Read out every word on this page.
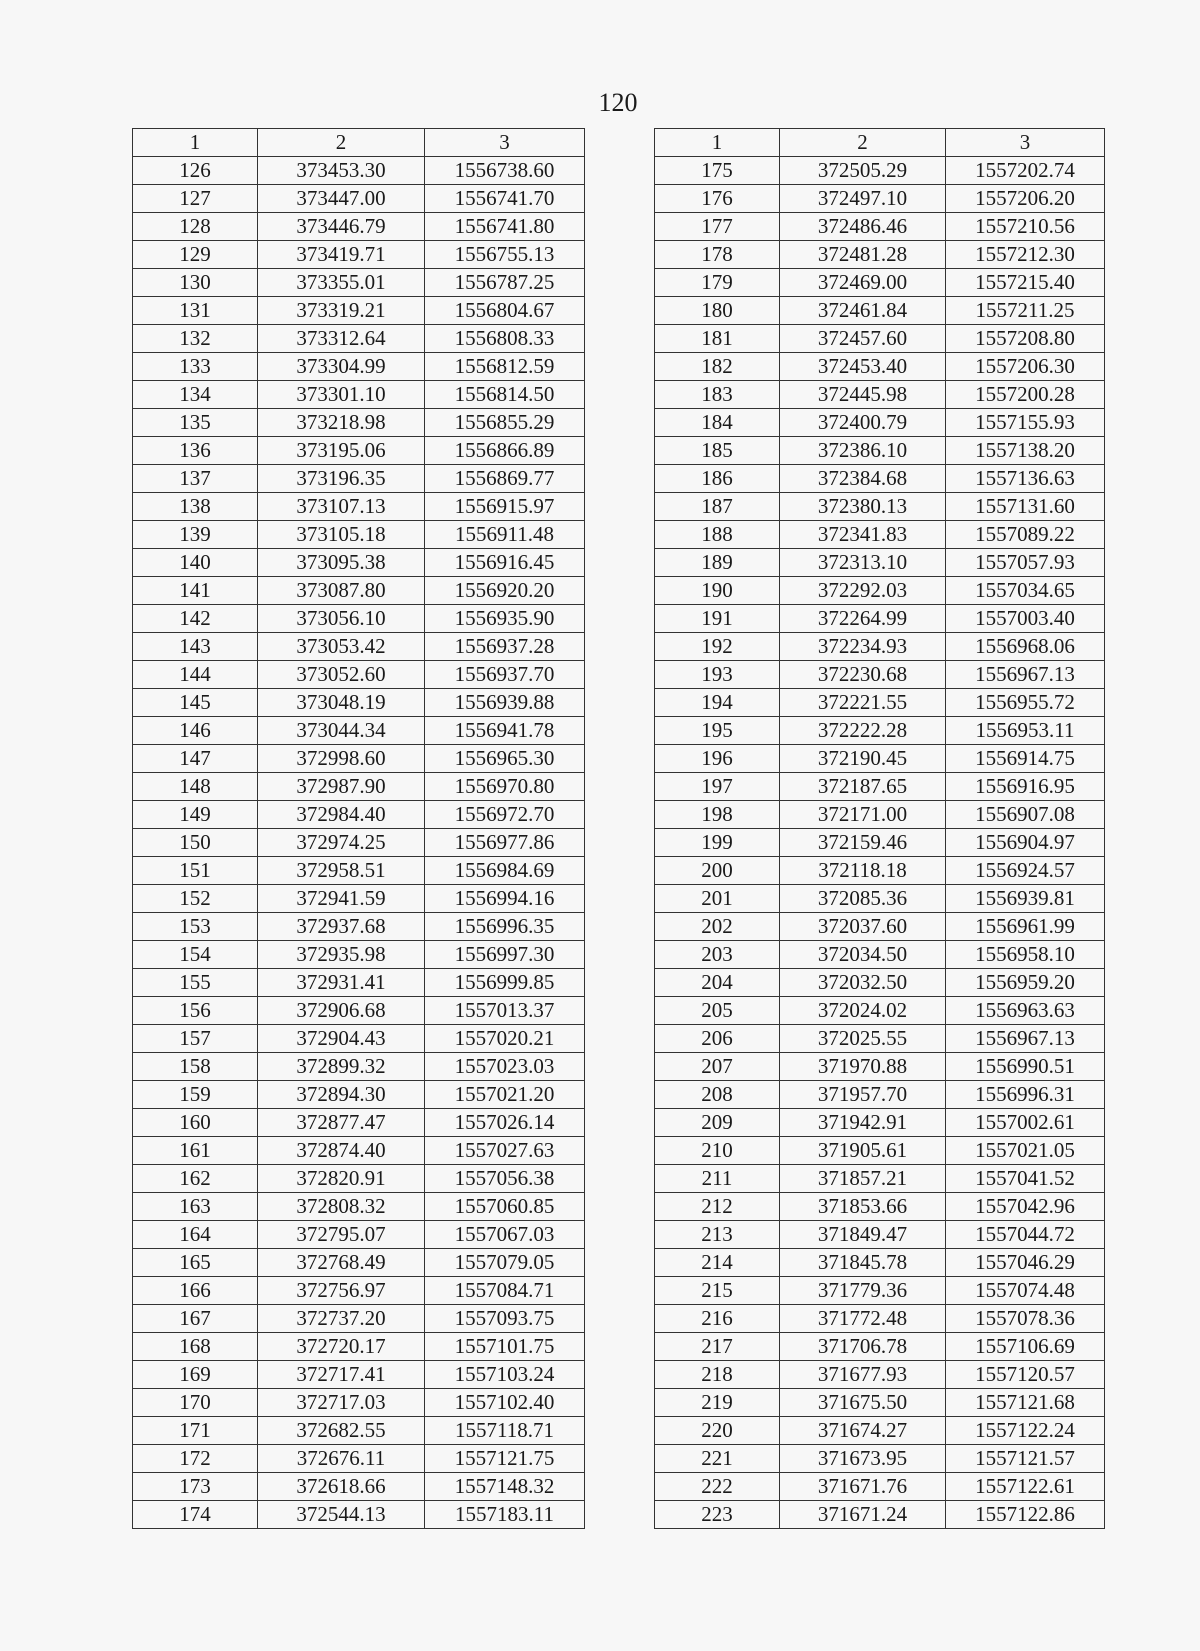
120
1	2	3
126	373453.30	1556738.60
127	373447.00	1556741.70
128	373446.79	1556741.80
129	373419.71	1556755.13
130	373355.01	1556787.25
131	373319.21	1556804.67
132	373312.64	1556808.33
133	373304.99	1556812.59
134	373301.10	1556814.50
135	373218.98	1556855.29
136	373195.06	1556866.89
137	373196.35	1556869.77
138	373107.13	1556915.97
139	373105.18	1556911.48
140	373095.38	1556916.45
141	373087.80	1556920.20
142	373056.10	1556935.90
143	373053.42	1556937.28
144	373052.60	1556937.70
145	373048.19	1556939.88
146	373044.34	1556941.78
147	372998.60	1556965.30
148	372987.90	1556970.80
149	372984.40	1556972.70
150	372974.25	1556977.86
151	372958.51	1556984.69
152	372941.59	1556994.16
153	372937.68	1556996.35
154	372935.98	1556997.30
155	372931.41	1556999.85
156	372906.68	1557013.37
157	372904.43	1557020.21
158	372899.32	1557023.03
159	372894.30	1557021.20
160	372877.47	1557026.14
161	372874.40	1557027.63
162	372820.91	1557056.38
163	372808.32	1557060.85
164	372795.07	1557067.03
165	372768.49	1557079.05
166	372756.97	1557084.71
167	372737.20	1557093.75
168	372720.17	1557101.75
169	372717.41	1557103.24
170	372717.03	1557102.40
171	372682.55	1557118.71
172	372676.11	1557121.75
173	372618.66	1557148.32
174	372544.13	1557183.11
1	2	3
175	372505.29	1557202.74
176	372497.10	1557206.20
177	372486.46	1557210.56
178	372481.28	1557212.30
179	372469.00	1557215.40
180	372461.84	1557211.25
181	372457.60	1557208.80
182	372453.40	1557206.30
183	372445.98	1557200.28
184	372400.79	1557155.93
185	372386.10	1557138.20
186	372384.68	1557136.63
187	372380.13	1557131.60
188	372341.83	1557089.22
189	372313.10	1557057.93
190	372292.03	1557034.65
191	372264.99	1557003.40
192	372234.93	1556968.06
193	372230.68	1556967.13
194	372221.55	1556955.72
195	372222.28	1556953.11
196	372190.45	1556914.75
197	372187.65	1556916.95
198	372171.00	1556907.08
199	372159.46	1556904.97
200	372118.18	1556924.57
201	372085.36	1556939.81
202	372037.60	1556961.99
203	372034.50	1556958.10
204	372032.50	1556959.20
205	372024.02	1556963.63
206	372025.55	1556967.13
207	371970.88	1556990.51
208	371957.70	1556996.31
209	371942.91	1557002.61
210	371905.61	1557021.05
211	371857.21	1557041.52
212	371853.66	1557042.96
213	371849.47	1557044.72
214	371845.78	1557046.29
215	371779.36	1557074.48
216	371772.48	1557078.36
217	371706.78	1557106.69
218	371677.93	1557120.57
219	371675.50	1557121.68
220	371674.27	1557122.24
221	371673.95	1557121.57
222	371671.76	1557122.61
223	371671.24	1557122.86
